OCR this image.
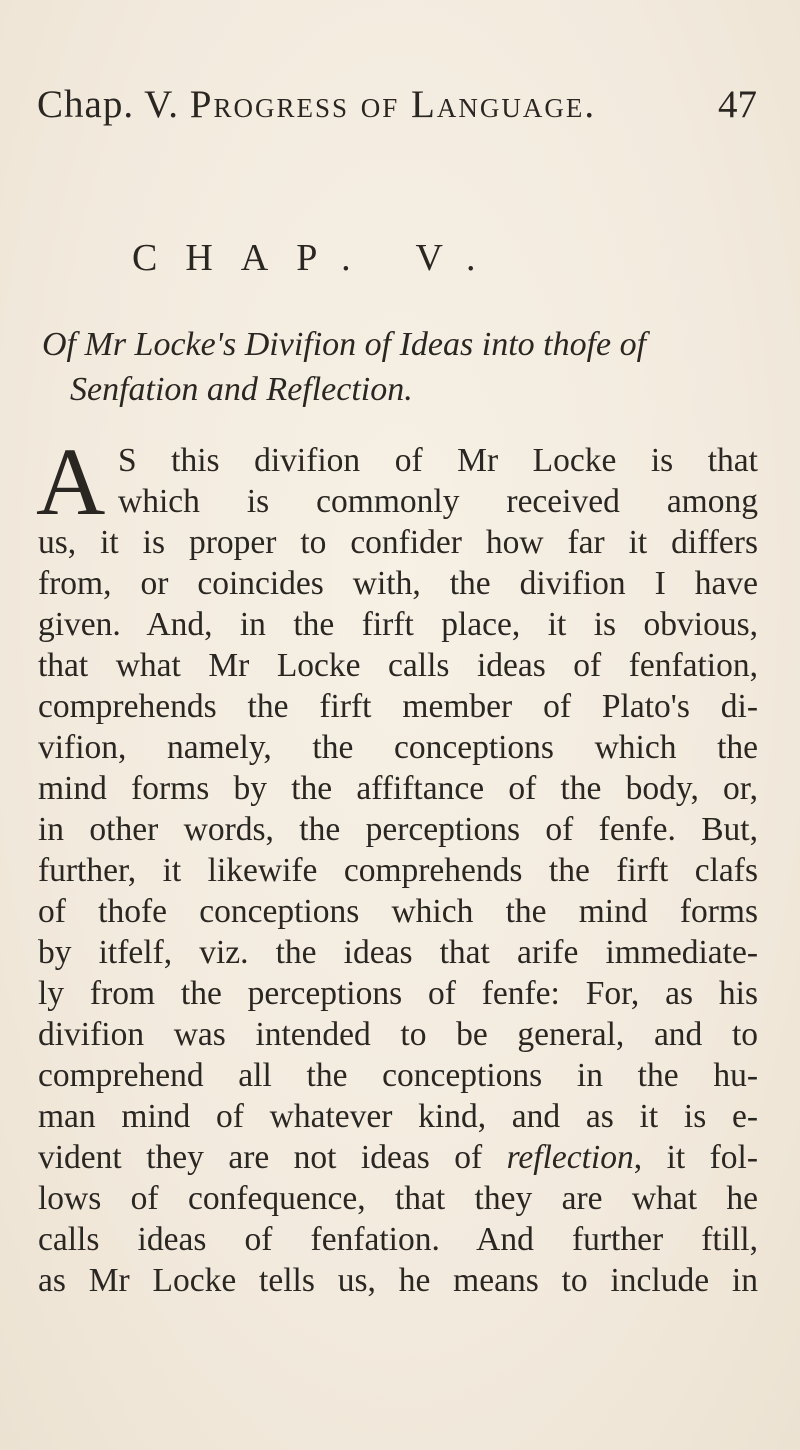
Chap. V. Progress of Language.	47
CHAP. V.
Of Mr Locke's Divifion of Ideas into thofe of
Senfation and Reflection.
A S this divifion of Mr Locke is that
which is commonly received among
us, it is proper to confider how far it differs
from, or coincides with, the divifion I have
given. And, in the firft place, it is obvious,
that what Mr Locke calls ideas of fenfation,
comprehends the firft member of Plato's di-
vifion, namely, the conceptions which the
mind forms by the affiftance of the body, or,
in other words, the perceptions of fenfe. But,
further, it likewife comprehends the firft clafs
of thofe conceptions which the mind forms
by itfelf, viz. the ideas that arife immediate-
ly from the perceptions of fenfe: For, as his
divifion was intended to be general, and to
comprehend all the conceptions in the hu-
man mind of whatever kind, and as it is e-
vident they are not ideas of reflection, it fol-
lows of confequence, that they are what he
calls ideas of fenfation. And further ftill,
as Mr Locke tells us, he means to include in
